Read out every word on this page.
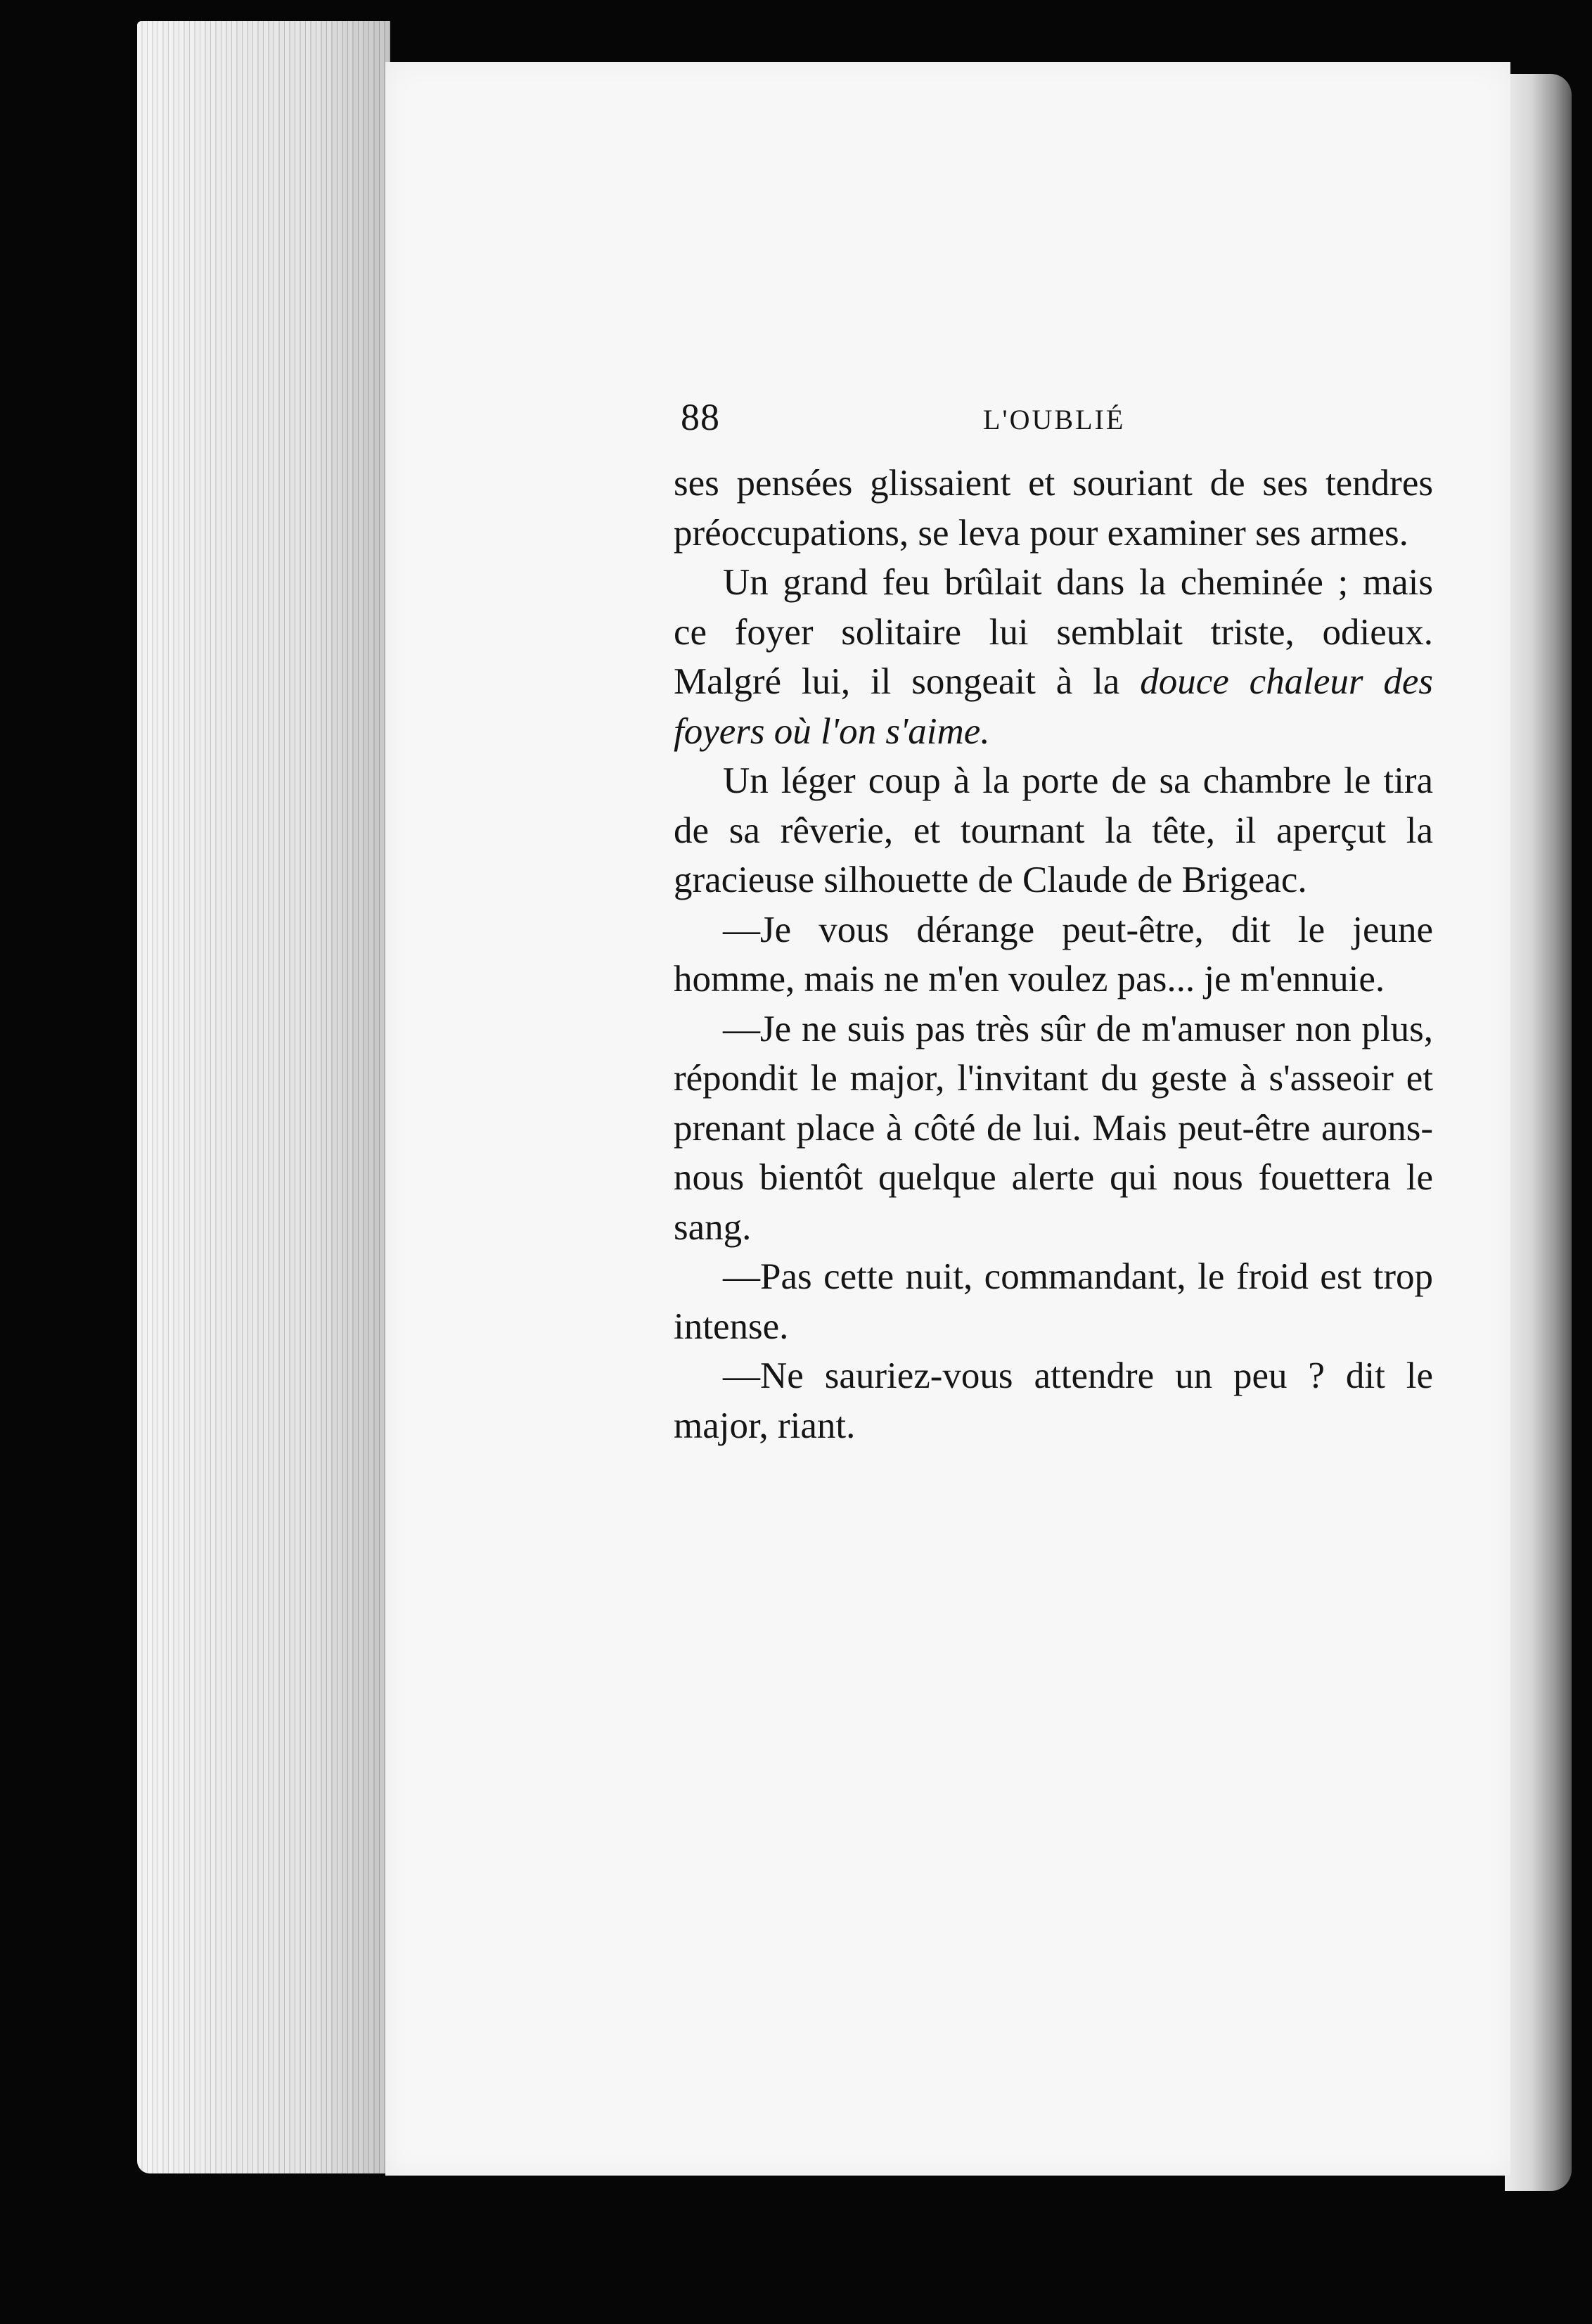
88	L'OUBLIÉ

ses pensées glissaient et souriant de ses tendres préoccupations, se leva pour examiner ses armes.

Un grand feu brûlait dans la cheminée ; mais ce foyer solitaire lui semblait triste, odieux. Malgré lui, il songeait à la douce chaleur des foyers où l'on s'aime.

Un léger coup à la porte de sa chambre le tira de sa rêverie, et tournant la tête, il aperçut la gracieuse silhouette de Claude de Brigeac.

—Je vous dérange peut-être, dit le jeune homme, mais ne m'en voulez pas... je m'ennuie.

—Je ne suis pas très sûr de m'amuser non plus, répondit le major, l'invitant du geste à s'asseoir et prenant place à côté de lui. Mais peut-être aurons-nous bientôt quelque alerte qui nous fouettera le sang.

—Pas cette nuit, commandant, le froid est trop intense.

—Ne sauriez-vous attendre un peu ? dit le major, riant.
